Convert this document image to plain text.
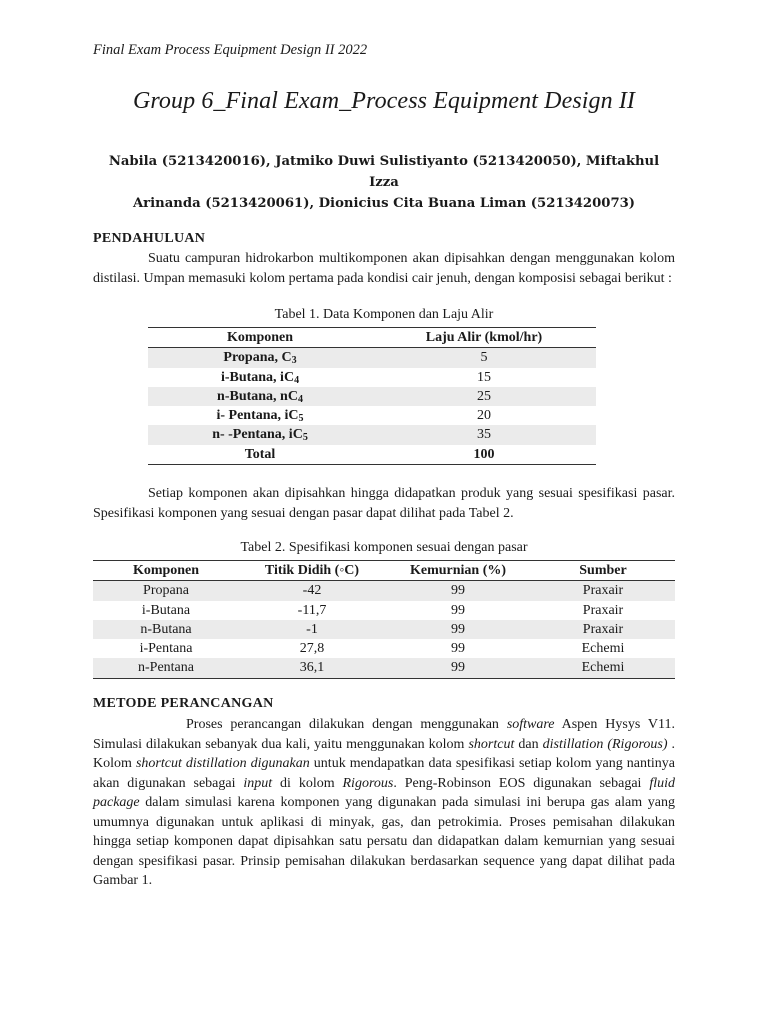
Final Exam Process Equipment Design II 2022
Group 6_Final Exam_Process Equipment Design II
Nabila (5213420016), Jatmiko Duwi Sulistiyanto (5213420050), Miftakhul Izza
Arinanda (5213420061), Dionicius Cita Buana Liman (5213420073)
PENDAHULUAN
Suatu campuran hidrokarbon multikomponen akan dipisahkan dengan menggunakan kolom distilasi. Umpan memasuki kolom pertama pada kondisi cair jenuh, dengan komposisi sebagai berikut :
Tabel 1. Data Komponen dan Laju Alir
Komponen	Laju Alir (kmol/hr)
Propana, $C_3$	5
i-Butana, $iC_4$	15
n-Butana, $nC_4$	25
i- Pentana, $iC_5$	20
n- -Pentana, $iC_5$	35
Total	100
Setiap komponen akan dipisahkan hingga didapatkan produk yang sesuai spesifikasi pasar. Spesifikasi komponen yang sesuai dengan pasar dapat dilihat pada Tabel 2.
Tabel 2. Spesifikasi komponen sesuai dengan pasar
Komponen	Titik Didih (◦C)	Kemurnian (%)	Sumber
Propana	-42	99	Praxair
i-Butana	-11,7	99	Praxair
n-Butana	-1	99	Praxair
i-Pentana	27,8	99	Echemi
n-Pentana	36,1	99	Echemi
METODE PERANCANGAN
Proses perancangan dilakukan dengan menggunakan software Aspen Hysys V11. Simulasi dilakukan sebanyak dua kali, yaitu menggunakan kolom shortcut dan distillation (Rigorous) . Kolom shortcut distillation digunakan untuk mendapatkan data spesifikasi setiap kolom yang nantinya akan digunakan sebagai input di kolom Rigorous. Peng-Robinson EOS digunakan sebagai fluid package dalam simulasi karena komponen yang digunakan pada simulasi ini berupa gas alam yang umumnya digunakan untuk aplikasi di minyak, gas, dan petrokimia. Proses pemisahan dilakukan hingga setiap komponen dapat dipisahkan satu persatu dan didapatkan dalam kemurnian yang sesuai dengan spesifikasi pasar. Prinsip pemisahan dilakukan berdasarkan sequence yang dapat dilihat pada Gambar 1.
